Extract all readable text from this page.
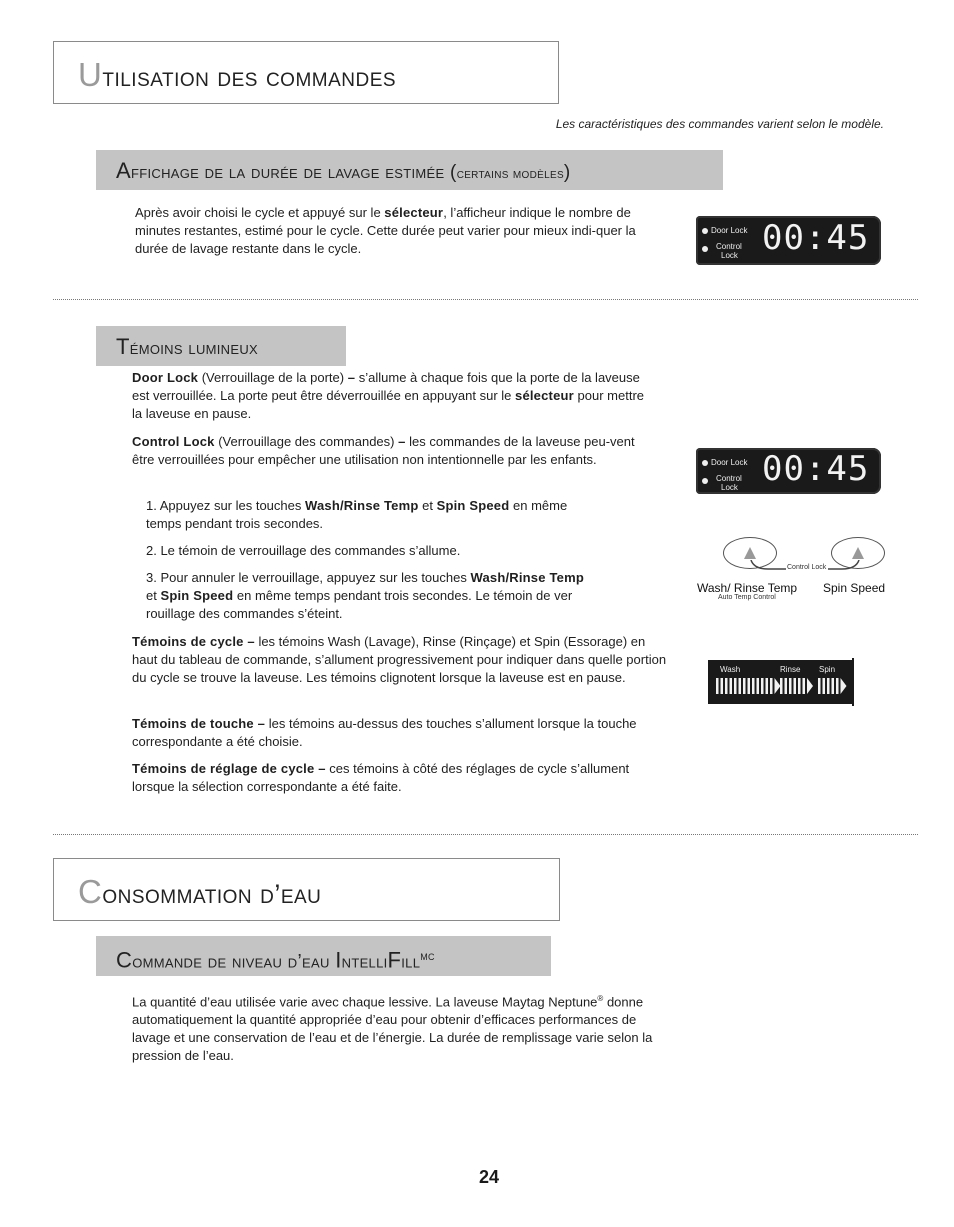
Utilisation des commandes
Les caractéristiques des commandes varient selon le modèle.
Affichage de la durée de lavage estimée (certains modèles)
Après avoir choisi le cycle et appuyé sur le sélecteur, l’afficheur indique le nombre de minutes restantes, estimé pour le cycle. Cette durée peut varier pour mieux indi-quer la durée de lavage restante dans le cycle.
Door Lock
Control
Lock 00:45
Témoins lumineux
Door Lock (Verrouillage de la porte) – s’allume à chaque fois que la porte de la laveuse est verrouillée. La porte peut être déverrouillée en appuyant sur le sélecteur pour mettre la laveuse en pause.
Control Lock (Verrouillage des commandes) – les commandes de la laveuse peu-vent être verrouillées pour empêcher une utilisation non intentionnelle par les enfants.
1. Appuyez sur les touches Wash/Rinse Temp et Spin Speed en même temps pendant trois secondes.
2. Le témoin de verrouillage des commandes s’allume.
3. Pour annuler le verrouillage, appuyez sur les touches Wash/Rinse Temp et Spin Speed en même temps pendant trois secondes. Le témoin de ver rouillage des commandes s’éteint.
Témoins de cycle – les témoins Wash (Lavage), Rinse (Rinçage) et Spin (Essorage) en haut du tableau de commande, s’allument progressivement pour indiquer dans quelle portion du cycle se trouve la laveuse. Les témoins clignotent lorsque la laveuse est en pause.
Témoins de touche – les témoins au-dessus des touches s’allument lorsque la touche correspondante a été choisie.
Témoins de réglage de cycle – ces témoins à côté des réglages de cycle s’allument lorsque la sélection correspondante a été faite.
Door Lock
Control
Lock 00:45
Control Lock
Wash/ Rinse Temp
Auto Temp Control
Spin Speed
Wash	Rinse Spin
Consommation d’eau
Commande de niveau d’eau IntelliFill$^{MC}$
La quantité d’eau utilisée varie avec chaque lessive. La laveuse Maytag Neptune® donne automatiquement la quantité appropriée d’eau pour obtenir d’efficaces performances de lavage et une conservation de l’eau et de l’énergie. La durée de remplissage varie selon la pression de l’eau.
24
